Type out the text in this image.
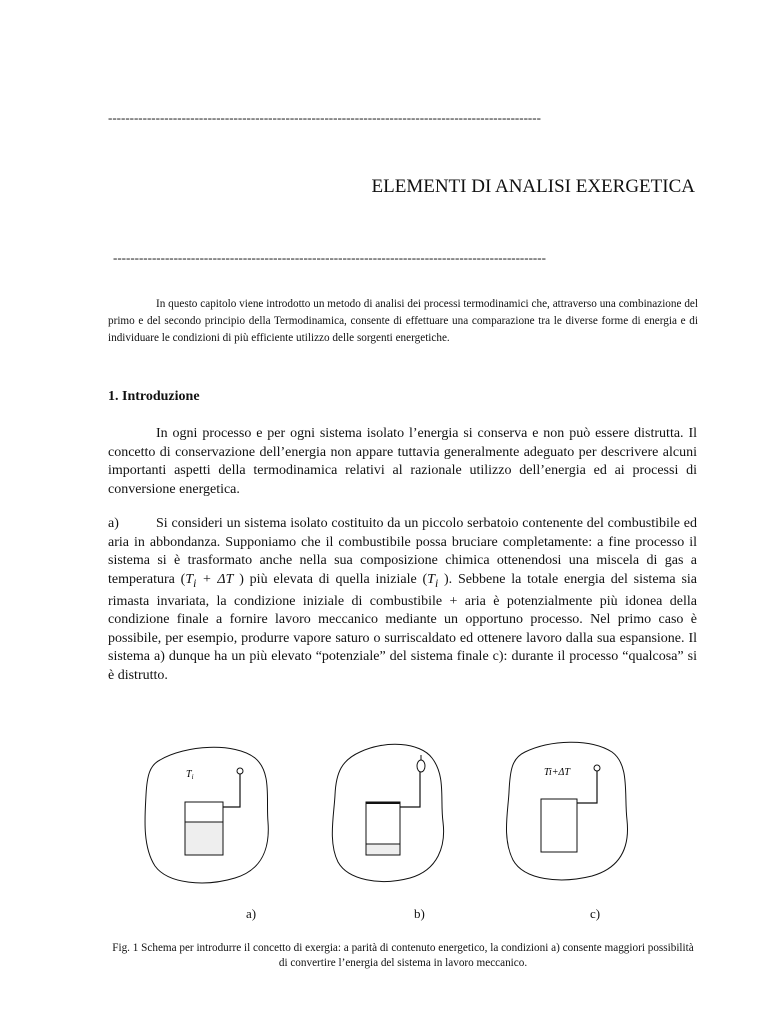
----------------------------------------------------------------------------------------------------
ELEMENTI DI ANALISI EXERGETICA
----------------------------------------------------------------------------------------------------

In questo capitolo viene introdotto un metodo di analisi dei processi termodinamici che, attraverso una combinazione del primo e del secondo principio della Termodinamica, consente di effettuare una comparazione tra le diverse forme di energia e di individuare le condizioni di più efficiente utilizzo delle sorgenti energetiche.

1. Introduzione

In ogni processo e per ogni sistema isolato l’energia si conserva e non può essere distrutta. Il concetto di conservazione dell’energia non appare tuttavia generalmente adeguato per descrivere alcuni importanti aspetti della termodinamica relativi al razionale utilizzo dell’energia ed ai processi di conversione energetica.

a)	Si consideri un sistema isolato costituito da un piccolo serbatoio contenente del combustibile ed aria in abbondanza. Supponiamo che il combustibile possa bruciare completamente: a fine processo il sistema si è trasformato anche nella sua composizione chimica ottenendosi una miscela di gas a temperatura ($T_i + \Delta T$ ) più elevata di quella iniziale ($T_i$ ). Sebbene la totale energia del sistema sia rimasta invariata, la condizione iniziale di combustibile + aria è potenzialmente più idonea della condizione finale a fornire lavoro meccanico mediante un opportuno processo. Nel primo caso è possibile, per esempio, produrre vapore saturo o surriscaldato ed ottenere lavoro dalla sua espansione. Il sistema a) dunque ha un più elevato “potenziale” del sistema finale c): durante il processo “qualcosa” si è distrutto.

$T_i$	Ti+ΔT
a)	b)	c)

Fig. 1 Schema per introdurre il concetto di exergia: a parità di contenuto energetico, la condizioni a) consente maggiori possibilità di convertire l’energia del sistema in lavoro meccanico.
